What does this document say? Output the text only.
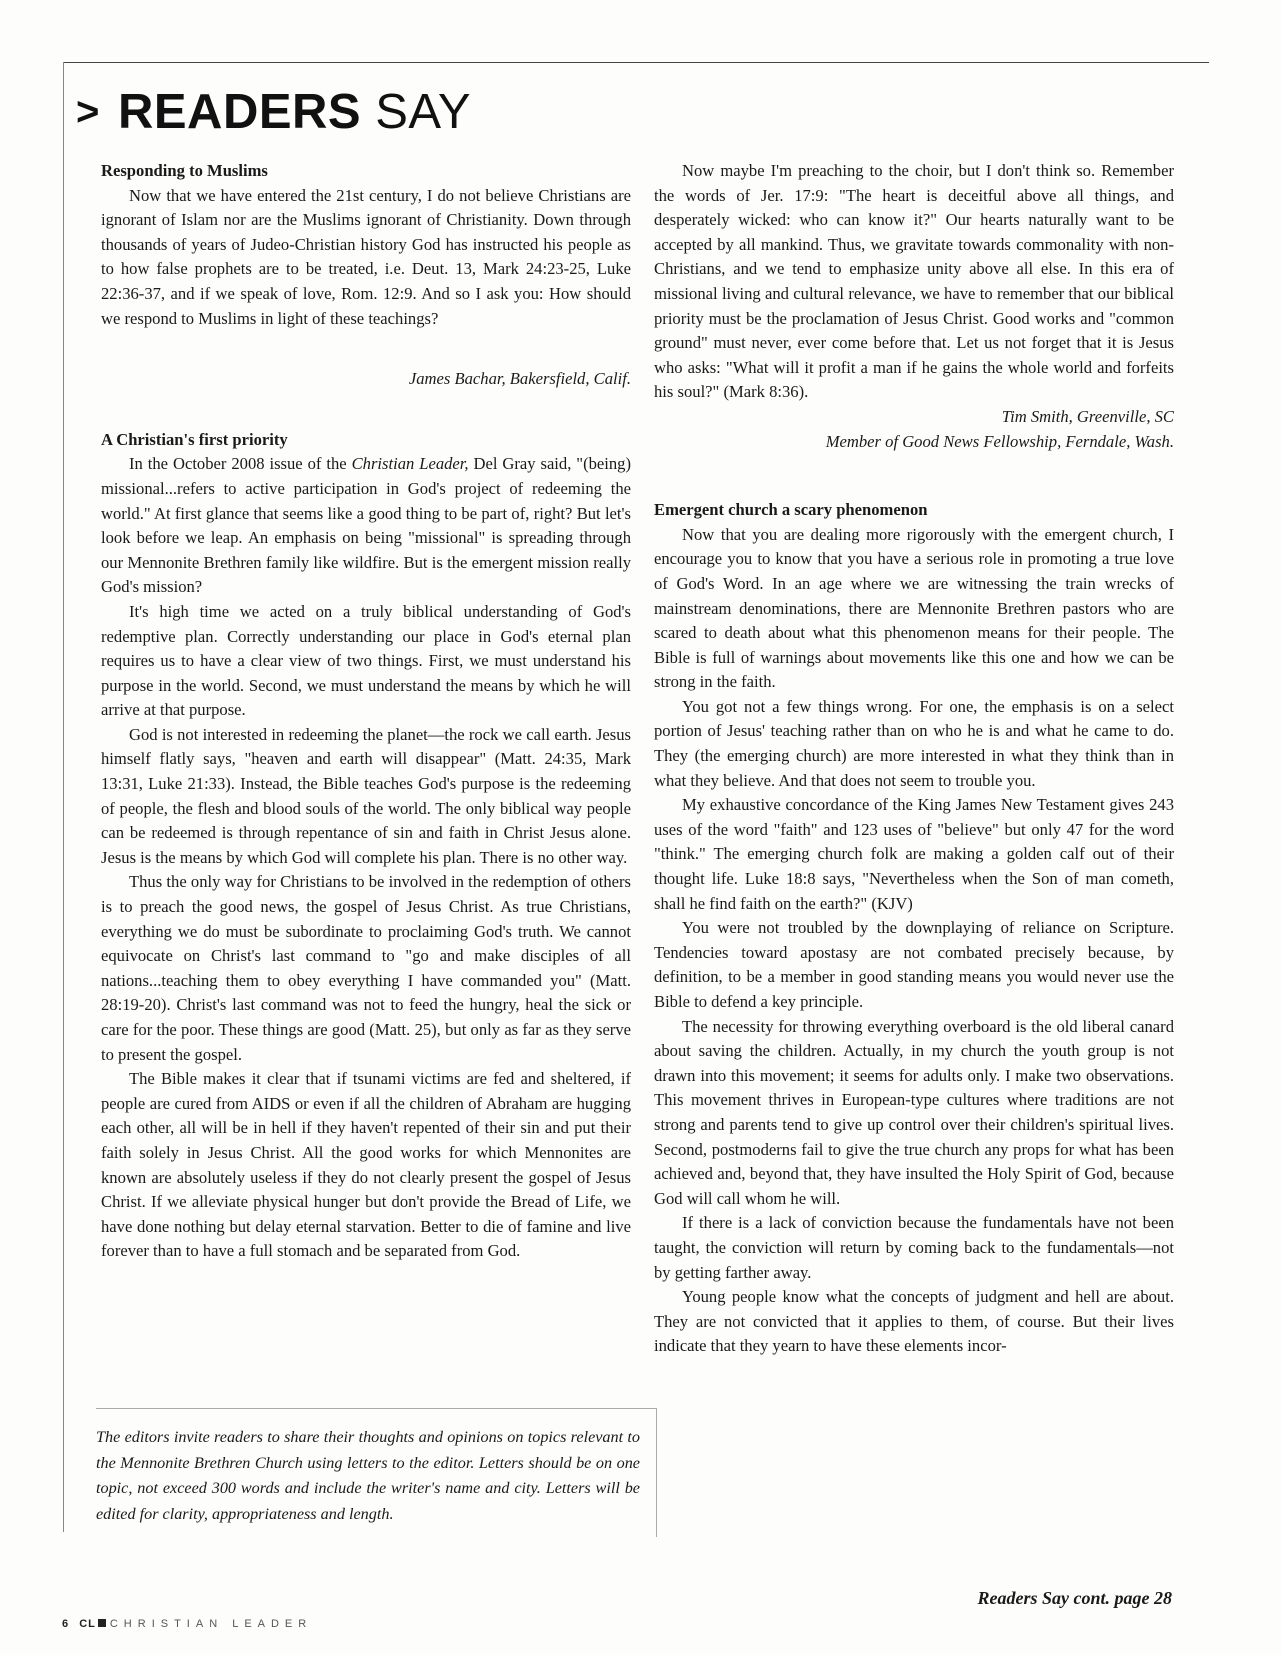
> READERS SAY
Responding to Muslims

Now that we have entered the 21st century, I do not believe Christians are ignorant of Islam nor are the Muslims ignorant of Christianity. Down through thousands of years of Judeo-Christian history God has instructed his people as to how false prophets are to be treated, i.e. Deut. 13, Mark 24:23-25, Luke 22:36-37, and if we speak of love, Rom. 12:9. And so I ask you: How should we respond to Muslims in light of these teachings?

James Bachar, Bakersfield, Calif.

A Christian's first priority

In the October 2008 issue of the Christian Leader, Del Gray said, "(being) missional...refers to active participation in God's project of redeeming the world." At first glance that seems like a good thing to be part of, right? But let's look before we leap. An emphasis on being "missional" is spreading through our Mennonite Brethren family like wildfire. But is the emergent mission really God's mission?

It's high time we acted on a truly biblical understanding of God's redemptive plan. Correctly understanding our place in God's eternal plan requires us to have a clear view of two things. First, we must understand his purpose in the world. Second, we must understand the means by which he will arrive at that purpose.

God is not interested in redeeming the planet—the rock we call earth. Jesus himself flatly says, "heaven and earth will disappear" (Matt. 24:35, Mark 13:31, Luke 21:33). Instead, the Bible teaches God's purpose is the redeeming of people, the flesh and blood souls of the world. The only biblical way people can be redeemed is through repentance of sin and faith in Christ Jesus alone. Jesus is the means by which God will complete his plan. There is no other way.

Thus the only way for Christians to be involved in the redemption of others is to preach the good news, the gospel of Jesus Christ. As true Christians, everything we do must be subordinate to proclaiming God's truth. We cannot equivocate on Christ's last command to "go and make disciples of all nations...teaching them to obey everything I have commanded you" (Matt. 28:19-20). Christ's last command was not to feed the hungry, heal the sick or care for the poor. These things are good (Matt. 25), but only as far as they serve to present the gospel.

The Bible makes it clear that if tsunami victims are fed and sheltered, if people are cured from AIDS or even if all the children of Abraham are hugging each other, all will be in hell if they haven't repented of their sin and put their faith solely in Jesus Christ. All the good works for which Mennonites are known are absolutely useless if they do not clearly present the gospel of Jesus Christ. If we alleviate physical hunger but don't provide the Bread of Life, we have done nothing but delay eternal starvation. Better to die of famine and live forever than to have a full stomach and be separated from God.

The editors invite readers to share their thoughts and opinions on topics relevant to the Mennonite Brethren Church using letters to the editor. Letters should be on one topic, not exceed 300 words and include the writer's name and city. Letters will be edited for clarity, appropriateness and length.

Now maybe I'm preaching to the choir, but I don't think so. Remember the words of Jer. 17:9: "The heart is deceitful above all things, and desperately wicked: who can know it?" Our hearts naturally want to be accepted by all mankind. Thus, we gravitate towards commonality with non-Christians, and we tend to emphasize unity above all else. In this era of missional living and cultural relevance, we have to remember that our biblical priority must be the proclamation of Jesus Christ. Good works and "common ground" must never, ever come before that. Let us not forget that it is Jesus who asks: "What will it profit a man if he gains the whole world and forfeits his soul?" (Mark 8:36).

Tim Smith, Greenville, SC

Member of Good News Fellowship, Ferndale, Wash.

Emergent church a scary phenomenon

Now that you are dealing more rigorously with the emergent church, I encourage you to know that you have a serious role in promoting a true love of God's Word. In an age where we are witnessing the train wrecks of mainstream denominations, there are Mennonite Brethren pastors who are scared to death about what this phenomenon means for their people. The Bible is full of warnings about movements like this one and how we can be strong in the faith.

You got not a few things wrong. For one, the emphasis is on a select portion of Jesus' teaching rather than on who he is and what he came to do. They (the emerging church) are more interested in what they think than in what they believe. And that does not seem to trouble you.

My exhaustive concordance of the King James New Testament gives 243 uses of the word "faith" and 123 uses of "believe" but only 47 for the word "think." The emerging church folk are making a golden calf out of their thought life. Luke 18:8 says, "Nevertheless when the Son of man cometh, shall he find faith on the earth?" (KJV)

You were not troubled by the downplaying of reliance on Scripture. Tendencies toward apostasy are not combated precisely because, by definition, to be a member in good standing means you would never use the Bible to defend a key principle.

The necessity for throwing everything overboard is the old liberal canard about saving the children. Actually, in my church the youth group is not drawn into this movement; it seems for adults only. I make two observations. This movement thrives in European-type cultures where traditions are not strong and parents tend to give up control over their children's spiritual lives. Second, postmoderns fail to give the true church any props for what has been achieved and, beyond that, they have insulted the Holy Spirit of God, because God will call whom he will.

If there is a lack of conviction because the fundamentals have not been taught, the conviction will return by coming back to the fundamentals—not by getting farther away.

Young people know what the concepts of judgment and hell are about. They are not convicted that it applies to them, of course. But their lives indicate that they yearn to have these elements incor-

Readers Say cont. page 28
6 CL CHRISTIAN LEADER
